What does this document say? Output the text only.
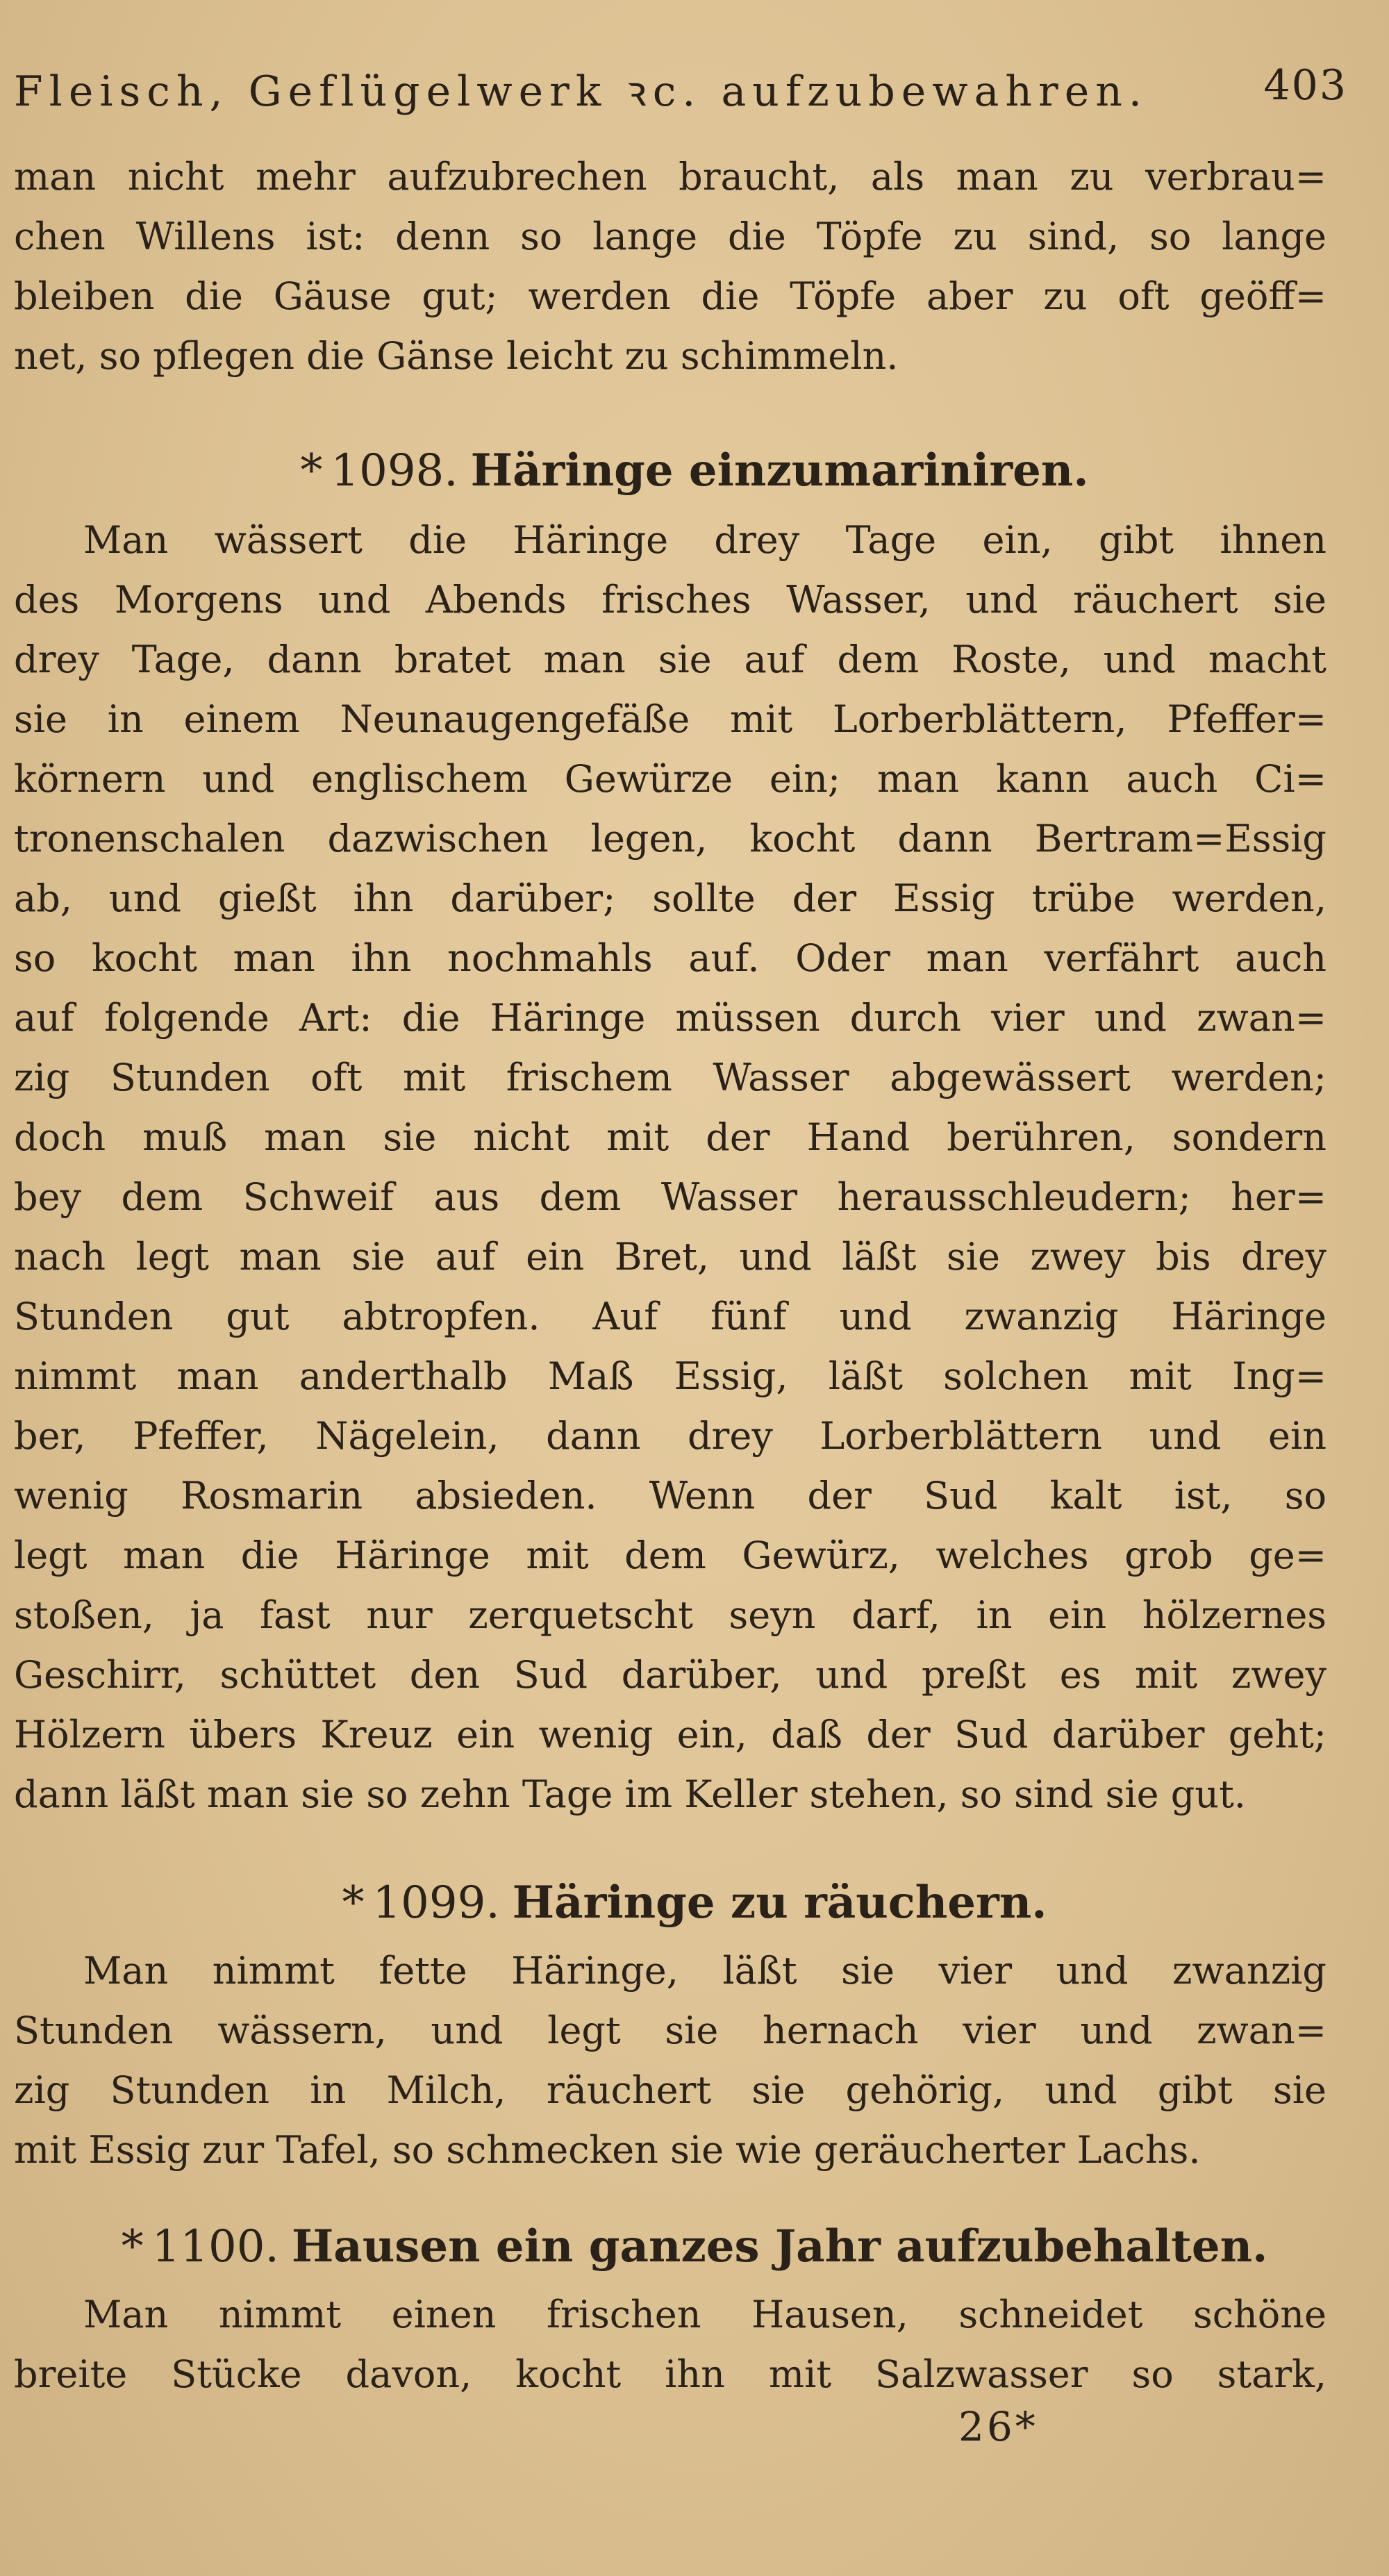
Fleisch, Geflügelwerk ꝛc. aufzubewahren.	403
man nicht mehr aufzubrechen braucht, als man zu verbrau=
chen Willens ist: denn so lange die Töpfe zu sind, so lange
bleiben die Gäuse gut; werden die Töpfe aber zu oft geöff=
net, so pflegen die Gänse leicht zu schimmeln.
* 1098. Häringe einzumariniren.
Man wässert die Häringe drey Tage ein, gibt ihnen
des Morgens und Abends frisches Wasser, und räuchert sie
drey Tage, dann bratet man sie auf dem Roste, und macht
sie in einem Neunaugengefäße mit Lorberblättern, Pfeffer=
körnern und englischem Gewürze ein; man kann auch Ci=
tronenschalen dazwischen legen, kocht dann Bertram=Essig
ab, und gießt ihn darüber; sollte der Essig trübe werden,
so kocht man ihn nochmahls auf. Oder man verfährt auch
auf folgende Art: die Häringe müssen durch vier und zwan=
zig Stunden oft mit frischem Wasser abgewässert werden;
doch muß man sie nicht mit der Hand berühren, sondern
bey dem Schweif aus dem Wasser herausschleudern; her=
nach legt man sie auf ein Bret, und läßt sie zwey bis drey
Stunden gut abtropfen. Auf fünf und zwanzig Häringe
nimmt man anderthalb Maß Essig, läßt solchen mit Ing=
ber, Pfeffer, Nägelein, dann drey Lorberblättern und ein
wenig Rosmarin absieden. Wenn der Sud kalt ist, so
legt man die Häringe mit dem Gewürz, welches grob ge=
stoßen, ja fast nur zerquetscht seyn darf, in ein hölzernes
Geschirr, schüttet den Sud darüber, und preßt es mit zwey
Hölzern übers Kreuz ein wenig ein, daß der Sud darüber geht;
dann läßt man sie so zehn Tage im Keller stehen, so sind sie gut.
* 1099. Häringe zu räuchern.
Man nimmt fette Häringe, läßt sie vier und zwanzig
Stunden wässern, und legt sie hernach vier und zwan=
zig Stunden in Milch, räuchert sie gehörig, und gibt sie
mit Essig zur Tafel, so schmecken sie wie geräucherter Lachs.
* 1100. Hausen ein ganzes Jahr aufzubehalten.
Man nimmt einen frischen Hausen, schneidet schöne
breite Stücke davon, kocht ihn mit Salzwasser so stark,
26*
